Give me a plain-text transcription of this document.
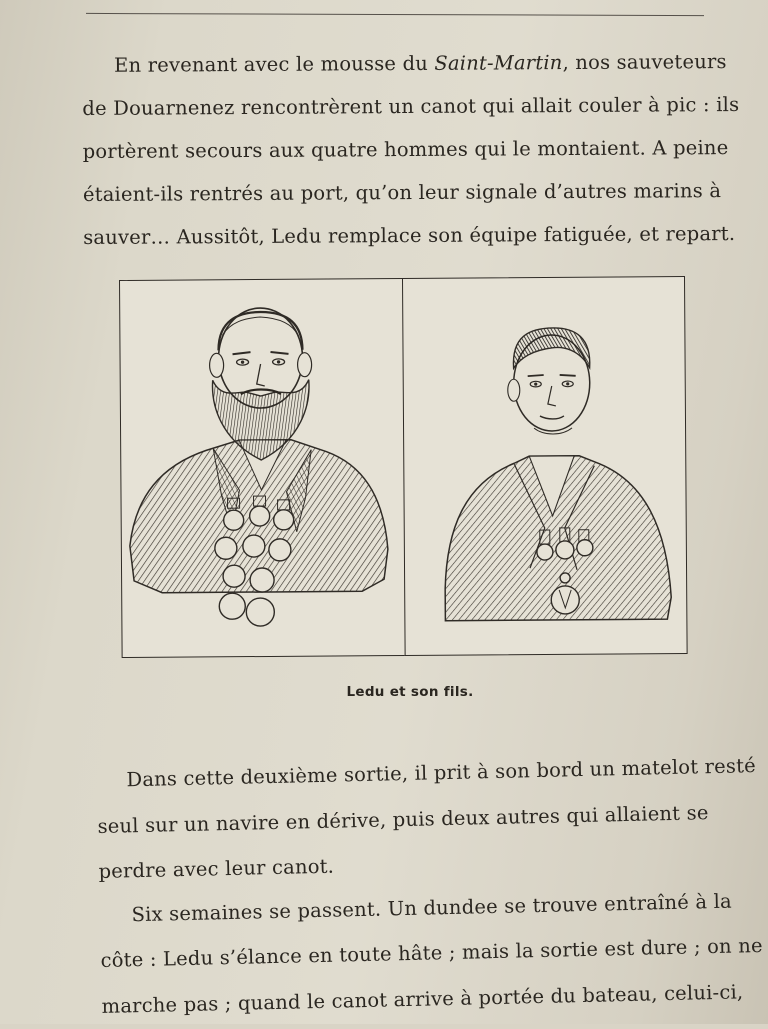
En revenant avec le mousse du Saint-Martin, nos sauveteurs
de Douarnenez rencontrèrent un canot qui allait couler à pic : ils
portèrent secours aux quatre hommes qui le montaient. A peine
étaient-ils rentrés au port, qu’on leur signale d’autres marins à
sauver… Aussitôt, Ledu remplace son équipe fatiguée, et repart.

Ledu et son fils.

Dans cette deuxième sortie, il prit à son bord un matelot resté
seul sur un navire en dérive, puis deux autres qui allaient se
perdre avec leur canot.
Six semaines se passent. Un dundee se trouve entraîné à la
côte : Ledu s’élance en toute hâte ; mais la sortie est dure ; on ne
marche pas ; quand le canot arrive à portée du bateau, celui-ci,
